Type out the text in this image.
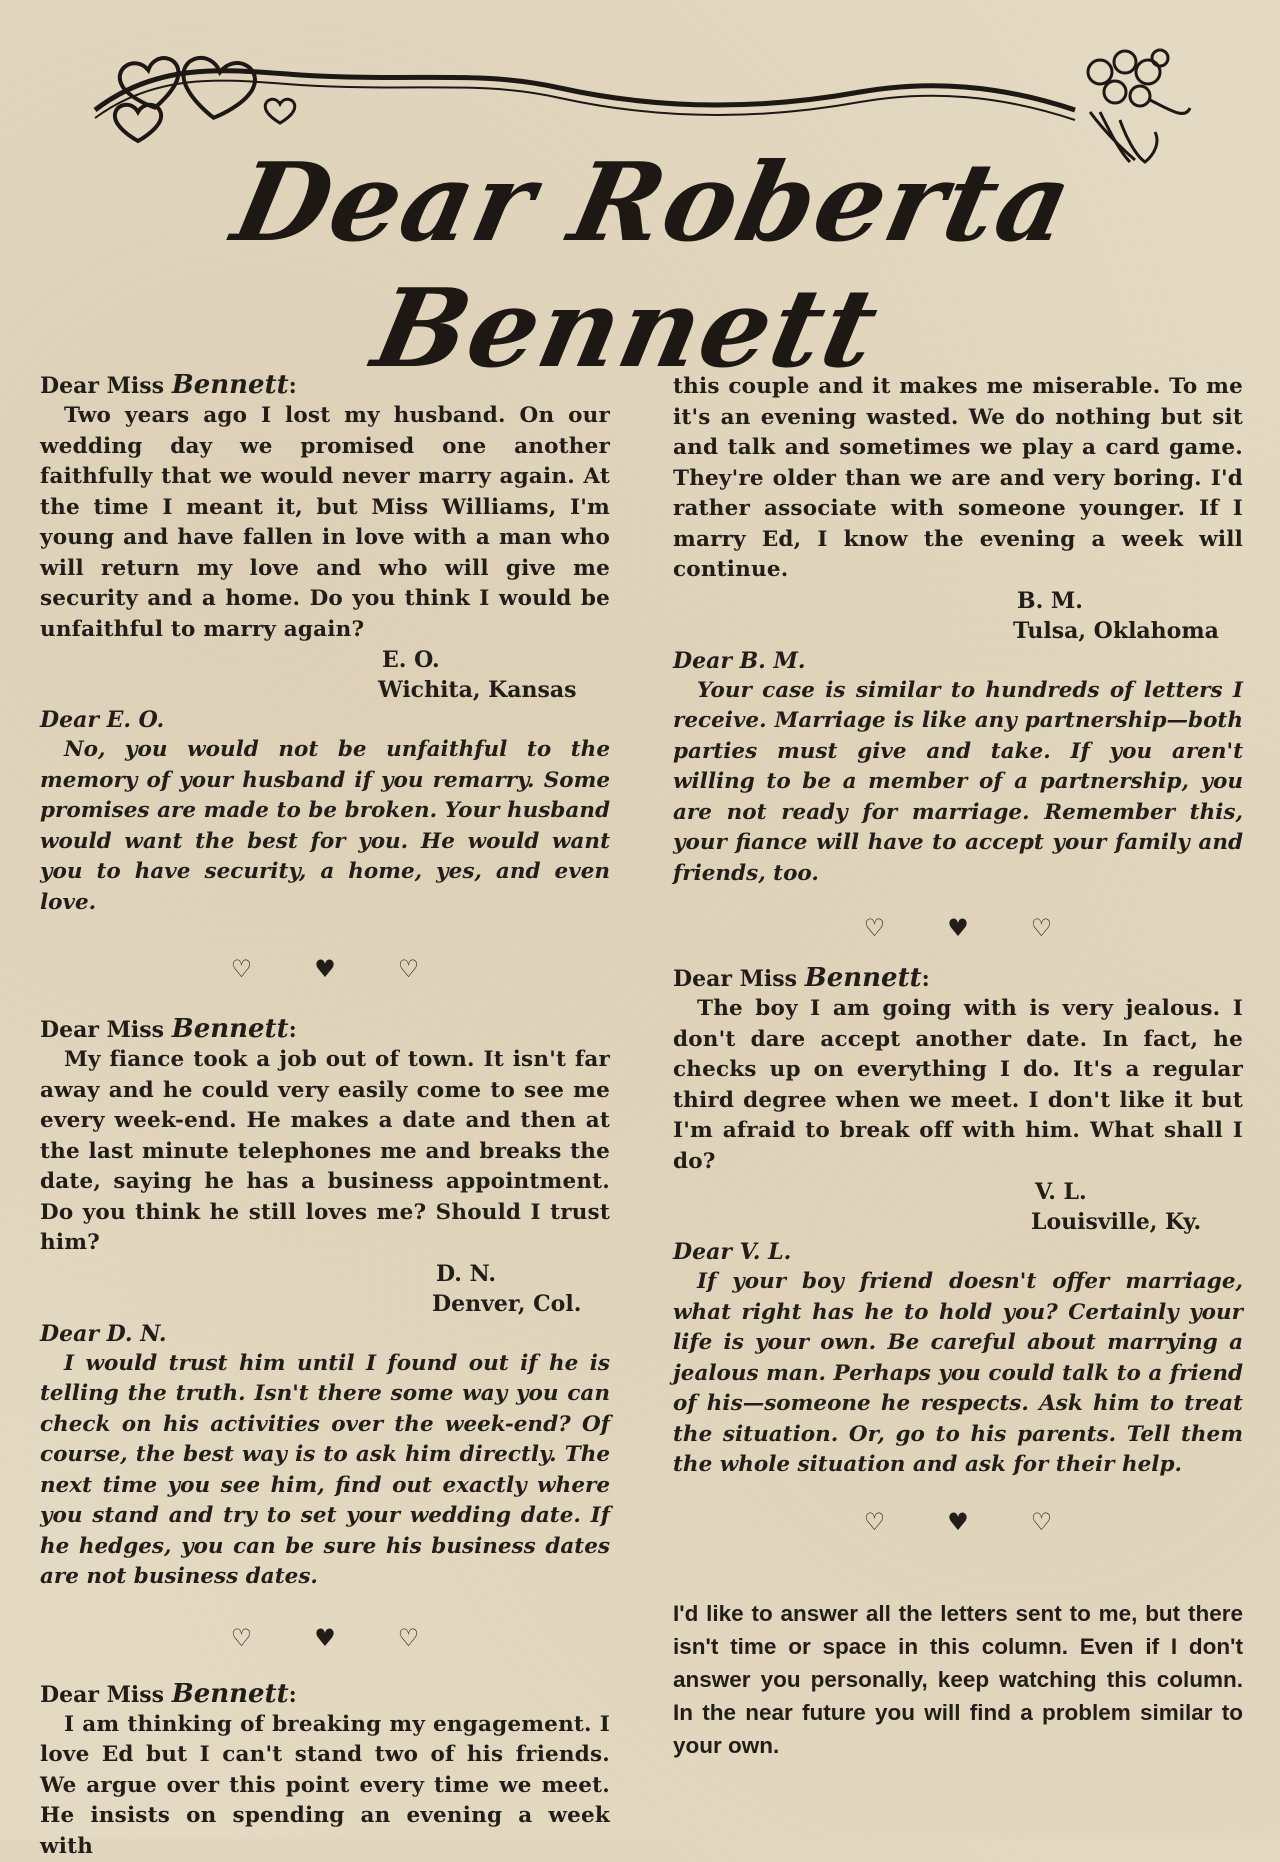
Dear Roberta Bennett

Dear Miss Bennett:

Two years ago I lost my husband. On our wedding day we promised one another faithfully that we would never marry again. At the time I meant it, but Miss Williams, I'm young and have fallen in love with a man who will return my love and who will give me security and a home. Do you think I would be unfaithful to marry again?

E. O.
Wichita, Kansas

Dear E. O.

No, you would not be unfaithful to the memory of your husband if you remarry. Some promises are made to be broken. Your husband would want the best for you. He would want you to have security, a home, yes, and even love.

♡	♥	♡

Dear Miss Bennett:

My fiance took a job out of town. It isn't far away and he could very easily come to see me every week-end. He makes a date and then at the last minute telephones me and breaks the date, saying he has a business appointment. Do you think he still loves me? Should I trust him?

D. N.
Denver, Col.

Dear D. N.

I would trust him until I found out if he is telling the truth. Isn't there some way you can check on his activities over the week-end? Of course, the best way is to ask him directly. The next time you see him, find out exactly where you stand and try to set your wedding date. If he hedges, you can be sure his business dates are not business dates.

♡	♥	♡

Dear Miss Bennett:

I am thinking of breaking my engagement. I love Ed but I can't stand two of his friends. We argue over this point every time we meet. He insists on spending an evening a week with

this couple and it makes me miserable. To me it's an evening wasted. We do nothing but sit and talk and sometimes we play a card game. They're older than we are and very boring. I'd rather associate with someone younger. If I marry Ed, I know the evening a week will continue.

B. M.
Tulsa, Oklahoma

Dear B. M.

Your case is similar to hundreds of letters I receive. Marriage is like any partnership—both parties must give and take. If you aren't willing to be a member of a partnership, you are not ready for marriage. Remember this, your fiance will have to accept your family and friends, too.

♡	♥	♡

Dear Miss Bennett:

The boy I am going with is very jealous. I don't dare accept another date. In fact, he checks up on everything I do. It's a regular third degree when we meet. I don't like it but I'm afraid to break off with him. What shall I do?

V. L.
Louisville, Ky.

Dear V. L.

If your boy friend doesn't offer marriage, what right has he to hold you? Certainly your life is your own. Be careful about marrying a jealous man. Perhaps you could talk to a friend of his—someone he respects. Ask him to treat the situation. Or, go to his parents. Tell them the whole situation and ask for their help.

♡	♥	♡

I'd like to answer all the letters sent to me, but there isn't time or space in this column. Even if I don't answer you personally, keep watching this column. In the near future you will find a problem similar to your own.
